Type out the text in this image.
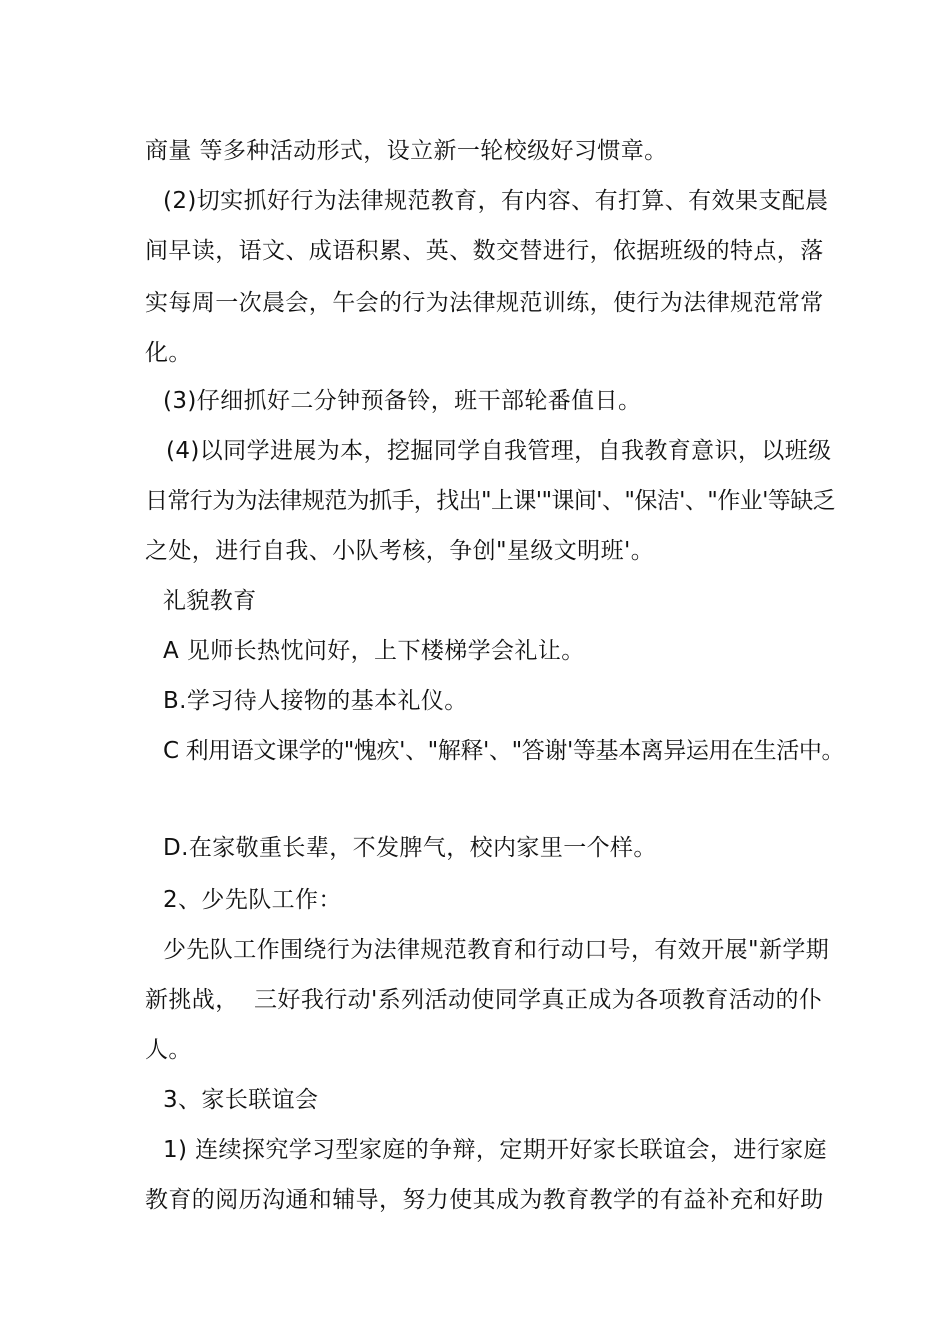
商量 等多种活动形式，设立新一轮校级好习惯章。
(2)切实抓好行为法律规范教育，有内容、有打算、有效果支配晨
间早读，语文、成语积累、英、数交替进行，依据班级的特点，落
实每周一次晨会，午会的行为法律规范训练，使行为法律规范常常
化。
(3)仔细抓好二分钟预备铃，班干部轮番值日。
(4)以同学进展为本，挖掘同学自我管理，自我教育意识，以班级
日常行为为法律规范为抓手，找出"上课'"课间'、"保洁'、"作业'等缺乏
之处，进行自我、小队考核，争创"星级文明班'。
礼貌教育
A 见师长热忱问好，上下楼梯学会礼让。
B.学习待人接物的基本礼仪。
C 利用语文课学的"愧疚'、"解释'、"答谢'等基本离异运用在生活中。
D.在家敬重长辈，不发脾气，校内家里一个样。
2、少先队工作：
少先队工作围绕行为法律规范教育和行动口号，有效开展"新学期
新挑战，  三好我行动'系列活动使同学真正成为各项教育活动的仆
人。
3、家长联谊会
1) 连续探究学习型家庭的争辩，定期开好家长联谊会，进行家庭
教育的阅历沟通和辅导，努力使其成为教育教学的有益补充和好助
